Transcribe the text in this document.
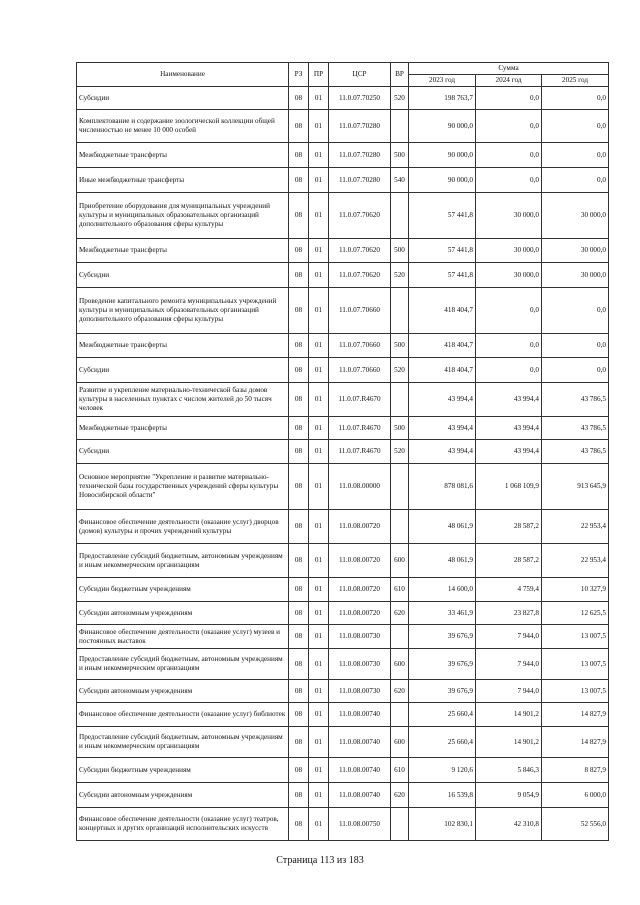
Наименование	РЗ	ПР	ЦСР	ВР	Сумма		
					2023 год	2024 год	2025 год
Субсидии	08	01	11.0.07.70250	520	198 763,7	0,0	0,0
Комплектование и содержание зоологической коллекции общей численностью не менее 10 000 особей	08	01	11.0.07.70280		90 000,0	0,0	0,0
Межбюджетные трансферты	08	01	11.0.07.70280	500	90 000,0	0,0	0,0
Иные межбюджетные трансферты	08	01	11.0.07.70280	540	90 000,0	0,0	0,0
Приобретение оборудования для муниципальных учреждений культуры и муниципальных образовательных организаций дополнительного образования сферы культуры	08	01	11.0.07.70620		57 441,8	30 000,0	30 000,0
Межбюджетные трансферты	08	01	11.0.07.70620	500	57 441,8	30 000,0	30 000,0
Субсидии	08	01	11.0.07.70620	520	57 441,8	30 000,0	30 000,0
Проведение капитального ремонта муниципальных учреждений культуры и муниципальных образовательных организаций дополнительного образования сферы культуры	08	01	11.0.07.70660		418 404,7	0,0	0,0
Межбюджетные трансферты	08	01	11.0.07.70660	500	418 404,7	0,0	0,0
Субсидии	08	01	11.0.07.70660	520	418 404,7	0,0	0,0
Развитие и укрепление материально-технической базы домов культуры в населенных пунктах с числом жителей до 50 тысяч человек	08	01	11.0.07.R4670		43 994,4	43 994,4	43 786,5
Межбюджетные трансферты	08	01	11.0.07.R4670	500	43 994,4	43 994,4	43 786,5
Субсидии	08	01	11.0.07.R4670	520	43 994,4	43 994,4	43 786,5
Основное мероприятие "Укрепление и развитие материально-технической базы государственных учреждений сферы культуры Новосибирской области"	08	01	11.0.08.00000		878 081,6	1 068 109,9	913 645,9
Финансовое обеспечение деятельности (оказание услуг) дворцов (домов) культуры и прочих учреждений культуры	08	01	11.0.08.00720		48 061,9	28 587,2	22 953,4
Предоставление субсидий бюджетным, автономным учреждениям и иным некоммерческим организациям	08	01	11.0.08.00720	600	48 061,9	28 587,2	22 953,4
Субсидии бюджетным учреждениям	08	01	11.0.08.00720	610	14 600,0	4 759,4	10 327,9
Субсидии автономным учреждениям	08	01	11.0.08.00720	620	33 461,9	23 827,8	12 625,5
Финансовое обеспечение деятельности (оказание услуг) музеев и постоянных выставок	08	01	11.0.08.00730		39 676,9	7 944,0	13 007,5
Предоставление субсидий бюджетным, автономным учреждениям и иным некоммерческим организациям	08	01	11.0.08.00730	600	39 676,9	7 944,0	13 007,5
Субсидии автономным учреждениям	08	01	11.0.08.00730	620	39 676,9	7 944,0	13 007,5
Финансовое обеспечение деятельности (оказание услуг) библиотек	08	01	11.0.08.00740		25 660,4	14 901,2	14 827,9
Предоставление субсидий бюджетным, автономным учреждениям и иным некоммерческим организациям	08	01	11.0.08.00740	600	25 660,4	14 901,2	14 827,9
Субсидии бюджетным учреждениям	08	01	11.0.08.00740	610	9 120,6	5 846,3	8 827,9
Субсидии автономным учреждениям	08	01	11.0.08.00740	620	16 539,8	9 054,9	6 000,0
Финансовое обеспечение деятельности (оказание услуг) театров, концертных и других организаций исполнительских искусств	08	01	11.0.08.00750		102 830,1	42 310,8	52 556,0
Страница 113 из 183
